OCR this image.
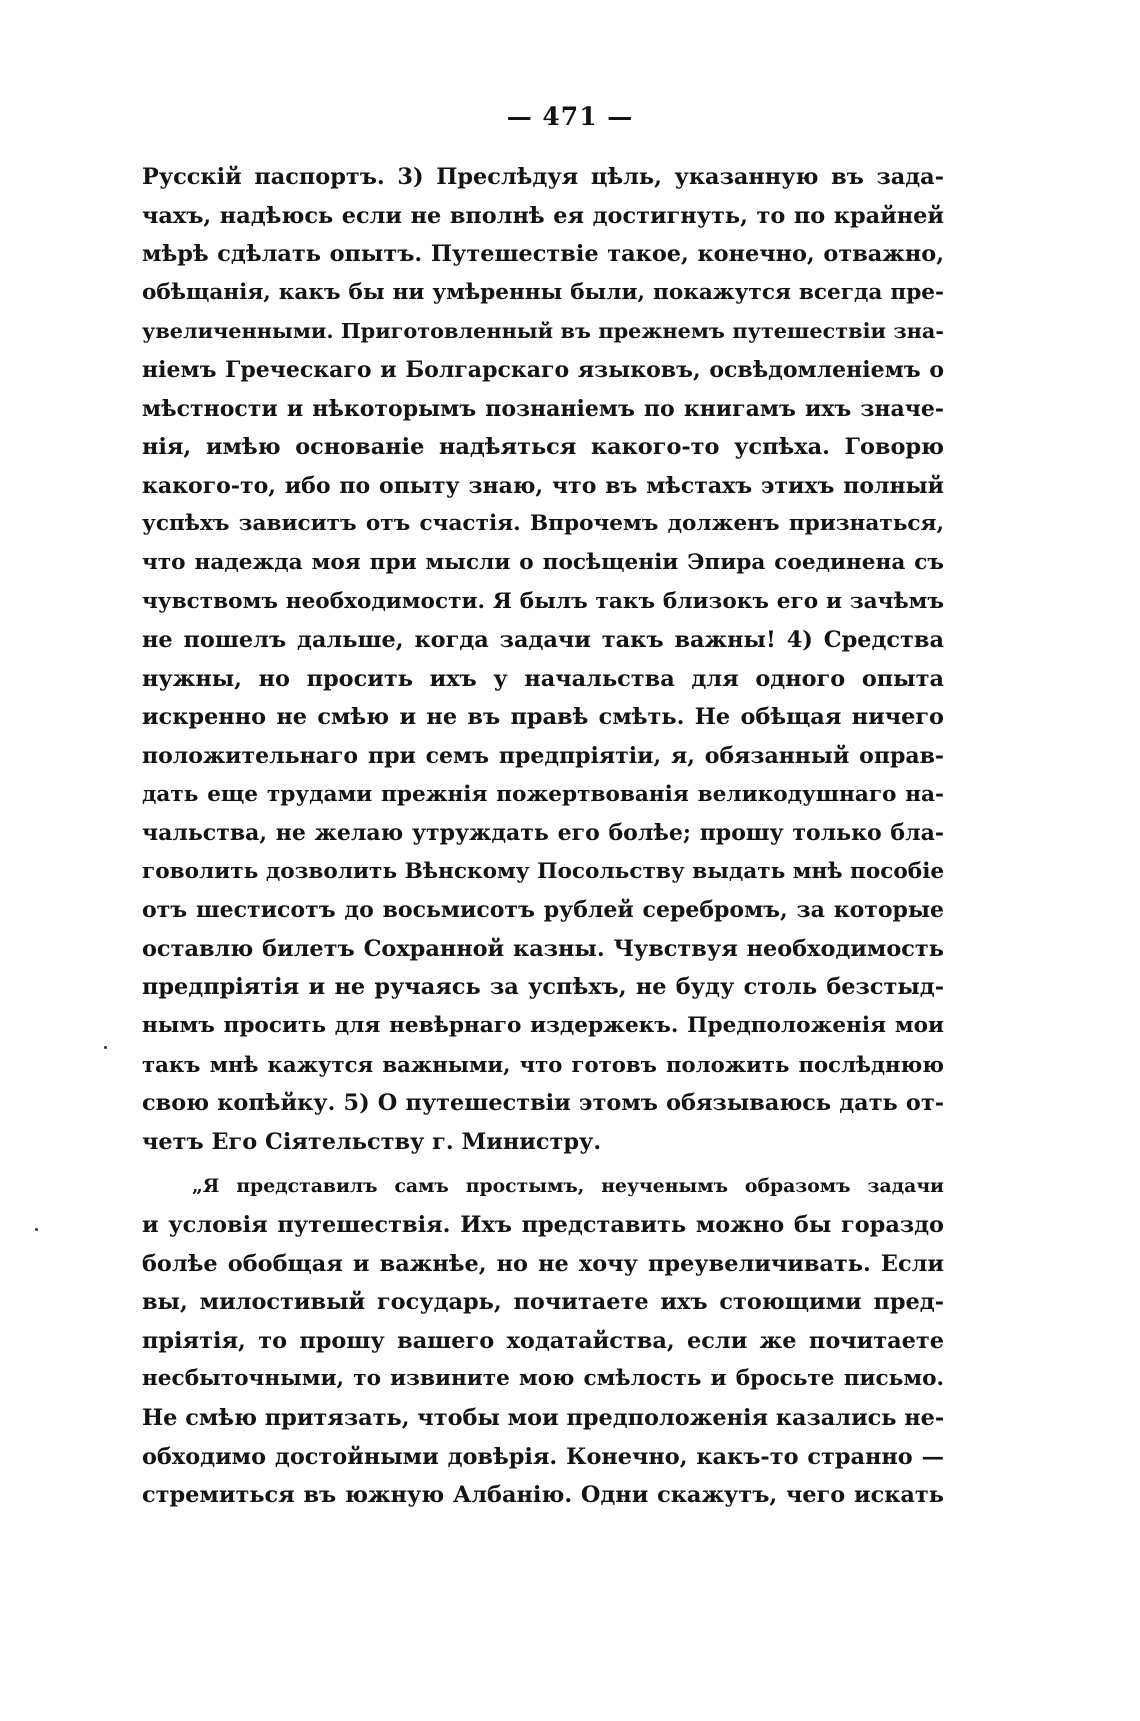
— 471 —
Русскій паспортъ. 3) Преслѣдуя цѣль, указанную въ зада-
чахъ, надѣюсь если не вполнѣ ея достигнуть, то по крайней
мѣрѣ сдѣлать опытъ. Путешествіе такое, конечно, отважно,
обѣщанія, какъ бы ни умѣренны были, покажутся всегда пре-
увеличенными. Приготовленный въ прежнемъ путешествіи зна-
ніемъ Греческаго и Болгарскаго языковъ, освѣдомленіемъ о
мѣстности и нѣкоторымъ познаніемъ по книгамъ ихъ значе-
нія, имѣю основаніе надѣяться какого-то успѣха. Говорю
какого-то, ибо по опыту знаю, что въ мѣстахъ этихъ полный
успѣхъ зависитъ отъ счастія. Впрочемъ долженъ признаться,
что надежда моя при мысли о посѣщеніи Эпира соединена съ
чувствомъ необходимости. Я былъ такъ близокъ его и зачѣмъ
не пошелъ дальше, когда задачи такъ важны! 4) Средства
нужны, но просить ихъ у начальства для одного опыта
искренно не смѣю и не въ правѣ смѣть. Не обѣщая ничего
положительнаго при семъ предпріятіи, я, обязанный оправ-
дать еще трудами прежнія пожертвованія великодушнаго на-
чальства, не желаю утруждать его болѣе; прошу только бла-
говолить дозволить Вѣнскому Посольству выдать мнѣ пособіе
отъ шестисотъ до восьмисотъ рублей серебромъ, за которые
оставлю билетъ Сохранной казны. Чувствуя необходимость
предпріятія и не ручаясь за успѣхъ, не буду столь безстыд-
нымъ просить для невѣрнаго издержекъ. Предположенія мои
такъ мнѣ кажутся важными, что готовъ положить послѣднюю
свою копѣйку. 5) О путешествіи этомъ обязываюсь дать от-
четъ Его Сіятельству г. Министру.
„Я представилъ самъ простымъ, неученымъ образомъ задачи
и условія путешествія. Ихъ представить можно бы гораздо
болѣе обобщая и важнѣе, но не хочу преувеличивать. Если
вы, милостивый государь, почитаете ихъ стоющими пред-
пріятія, то прошу вашего ходатайства, если же почитаете
несбыточными, то извините мою смѣлость и бросьте письмо.
Не смѣю притязать, чтобы мои предположенія казались не-
обходимо достойными довѣрія. Конечно, какъ-то странно —
стремиться въ южную Албанію. Одни скажутъ, чего искать
